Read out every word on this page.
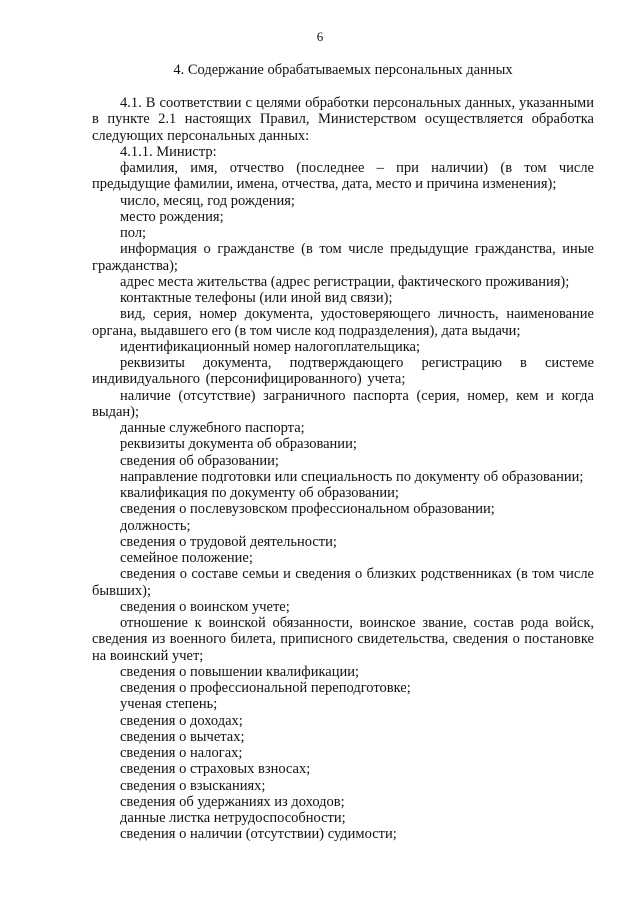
6
4. Содержание обрабатываемых персональных данных

4.1. В соответствии с целями обработки персональных данных, указанными в пункте 2.1 настоящих Правил, Министерством осуществляется обработка следующих персональных данных:

4.1.1. Министр:

фамилия, имя, отчество (последнее – при наличии) (в том числе предыдущие фамилии, имена, отчества, дата, место и причина изменения);

число, месяц, год рождения;

место рождения;

пол;

информация о гражданстве (в том числе предыдущие гражданства, иные гражданства);

адрес места жительства (адрес регистрации, фактического проживания);

контактные телефоны (или иной вид связи);

вид, серия, номер документа, удостоверяющего личность, наименование органа, выдавшего его (в том числе код подразделения), дата выдачи;

идентификационный номер налогоплательщика;

реквизиты документа, подтверждающего регистрацию в системе индивидуального (персонифицированного) учета;

наличие (отсутствие) заграничного паспорта (серия, номер, кем и когда выдан);

данные служебного паспорта;

реквизиты документа об образовании;

сведения об образовании;

направление подготовки или специальность по документу об образовании;

квалификация по документу об образовании;

сведения о послевузовском профессиональном образовании;

должность;

сведения о трудовой деятельности;

семейное положение;

сведения о составе семьи и сведения о близких родственниках (в том числе бывших);

сведения о воинском учете;

отношение к воинской обязанности, воинское звание, состав рода войск, сведения из военного билета, приписного свидетельства, сведения о постановке на воинский учет;

сведения о повышении квалификации;

сведения о профессиональной переподготовке;

ученая степень;

сведения о доходах;

сведения о вычетах;

сведения о налогах;

сведения о страховых взносах;

сведения о взысканиях;

сведения об удержаниях из доходов;

данные листка нетрудоспособности;

сведения о наличии (отсутствии) судимости;
